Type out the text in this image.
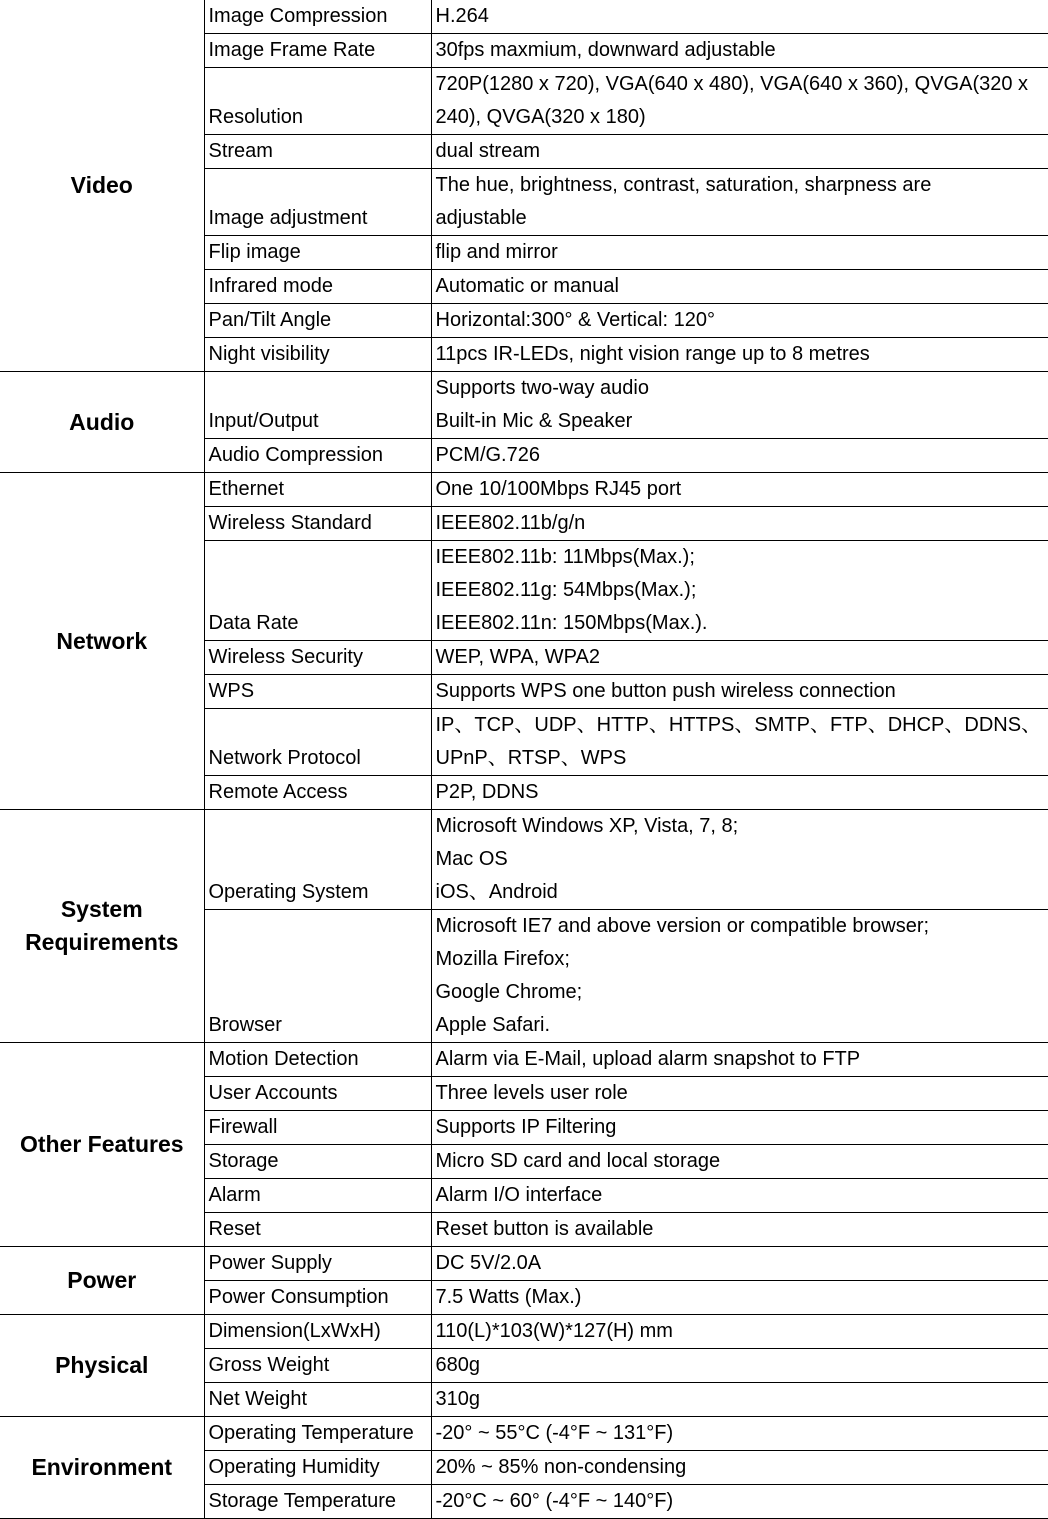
Video	Image Compression	H.264

	Image Frame Rate	30fps maxmium, downward adjustable

	Resolution	720P(1280 x 720), VGA(640 x 480), VGA(640 x 360), QVGA(320 x
240), QVGA(320 x 180)

	Stream	dual stream

	Image adjustment	The hue, brightness, contrast, saturation, sharpness are
adjustable

	Flip image	flip and mirror

	Infrared mode	Automatic or manual

	Pan/Tilt Angle	Horizontal:300° & Vertical: 120°

	Night visibility	11pcs IR-LEDs, night vision range up to 8 metres

Audio	Input/Output	Supports two-way audio
Built-in Mic & Speaker

	Audio Compression	PCM/G.726

Network	Ethernet	One 10/100Mbps RJ45 port

	Wireless Standard	IEEE802.11b/g/n

	Data Rate	IEEE802.11b: 11Mbps(Max.);
IEEE802.11g: 54Mbps(Max.);
IEEE802.11n: 150Mbps(Max.).

	Wireless Security	WEP, WPA, WPA2

	WPS	Supports WPS one button push wireless connection

	Network Protocol	IP、TCP、UDP、HTTP、HTTPS、SMTP、FTP、DHCP、DDNS、
UPnP、RTSP、WPS

	Remote Access	P2P, DDNS

System Requirements	Operating System	Microsoft Windows XP, Vista, 7, 8;
Mac OS
iOS、Android

	Browser	Microsoft IE7 and above version or compatible browser;
Mozilla Firefox;
Google Chrome;
Apple Safari.

Other Features	Motion Detection	Alarm via E-Mail, upload alarm snapshot to FTP

	User Accounts	Three levels user role

	Firewall	Supports IP Filtering

	Storage	Micro SD card and local storage

	Alarm	Alarm I/O interface

	Reset	Reset button is available

Power	Power Supply	DC 5V/2.0A

	Power Consumption	7.5 Watts (Max.)

Physical	Dimension(LxWxH)	110(L)*103(W)*127(H) mm

	Gross Weight	680g

	Net Weight	310g

Environment	Operating Temperature	-20° ~ 55°C (-4°F ~ 131°F)

	Operating Humidity	20% ~ 85% non-condensing

	Storage Temperature	-20°C ~ 60° (-4°F ~ 140°F)
